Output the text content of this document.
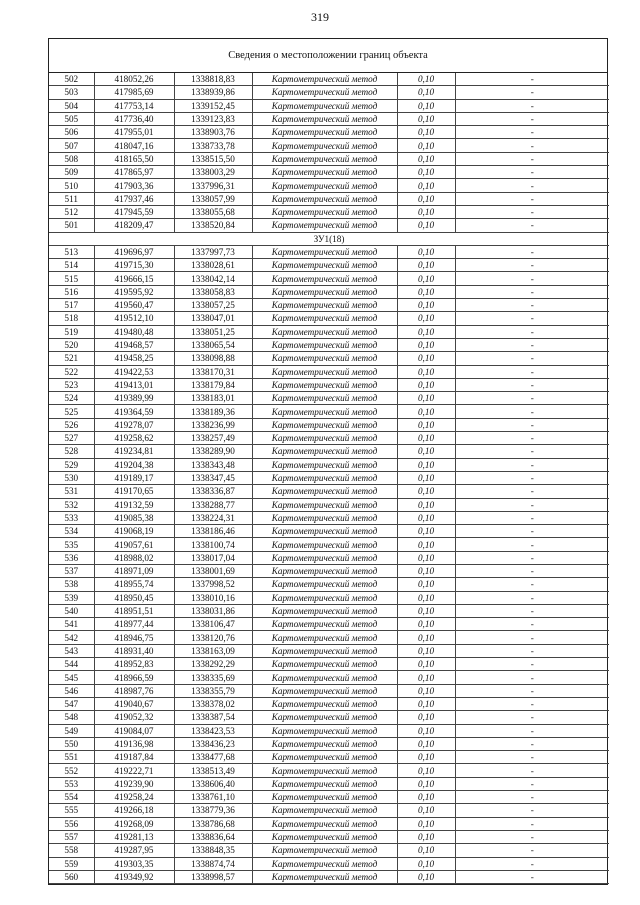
319
Сведения о местоположении границ объекта
502	418052,26	1338818,83	Картометрический метод	0,10	-
503	417985,69	1338939,86	Картометрический метод	0,10	-
504	417753,14	1339152,45	Картометрический метод	0,10	-
505	417736,40	1339123,83	Картометрический метод	0,10	-
506	417955,01	1338903,76	Картометрический метод	0,10	-
507	418047,16	1338733,78	Картометрический метод	0,10	-
508	418165,50	1338515,50	Картометрический метод	0,10	-
509	417865,97	1338003,29	Картометрический метод	0,10	-
510	417903,36	1337996,31	Картометрический метод	0,10	-
511	417937,46	1338057,99	Картометрический метод	0,10	-
512	417945,59	1338055,68	Картометрический метод	0,10	-
501	418209,47	1338520,84	Картометрический метод	0,10	-
ЗУ1(18)					
513	419696,97	1337997,73	Картометрический метод	0,10	-
514	419715,30	1338028,61	Картометрический метод	0,10	-
515	419666,15	1338042,14	Картометрический метод	0,10	-
516	419595,92	1338058,83	Картометрический метод	0,10	-
517	419560,47	1338057,25	Картометрический метод	0,10	-
518	419512,10	1338047,01	Картометрический метод	0,10	-
519	419480,48	1338051,25	Картометрический метод	0,10	-
520	419468,57	1338065,54	Картометрический метод	0,10	-
521	419458,25	1338098,88	Картометрический метод	0,10	-
522	419422,53	1338170,31	Картометрический метод	0,10	-
523	419413,01	1338179,84	Картометрический метод	0,10	-
524	419389,99	1338183,01	Картометрический метод	0,10	-
525	419364,59	1338189,36	Картометрический метод	0,10	-
526	419278,07	1338236,99	Картометрический метод	0,10	-
527	419258,62	1338257,49	Картометрический метод	0,10	-
528	419234,81	1338289,90	Картометрический метод	0,10	-
529	419204,38	1338343,48	Картометрический метод	0,10	-
530	419189,17	1338347,45	Картометрический метод	0,10	-
531	419170,65	1338336,87	Картометрический метод	0,10	-
532	419132,59	1338288,77	Картометрический метод	0,10	-
533	419085,38	1338224,31	Картометрический метод	0,10	-
534	419068,19	1338186,46	Картометрический метод	0,10	-
535	419057,61	1338100,74	Картометрический метод	0,10	-
536	418988,02	1338017,04	Картометрический метод	0,10	-
537	418971,09	1338001,69	Картометрический метод	0,10	-
538	418955,74	1337998,52	Картометрический метод	0,10	-
539	418950,45	1338010,16	Картометрический метод	0,10	-
540	418951,51	1338031,86	Картометрический метод	0,10	-
541	418977,44	1338106,47	Картометрический метод	0,10	-
542	418946,75	1338120,76	Картометрический метод	0,10	-
543	418931,40	1338163,09	Картометрический метод	0,10	-
544	418952,83	1338292,29	Картометрический метод	0,10	-
545	418966,59	1338335,69	Картометрический метод	0,10	-
546	418987,76	1338355,79	Картометрический метод	0,10	-
547	419040,67	1338378,02	Картометрический метод	0,10	-
548	419052,32	1338387,54	Картометрический метод	0,10	-
549	419084,07	1338423,53	Картометрический метод	0,10	-
550	419136,98	1338436,23	Картометрический метод	0,10	-
551	419187,84	1338477,68	Картометрический метод	0,10	-
552	419222,71	1338513,49	Картометрический метод	0,10	-
553	419239,90	1338606,40	Картометрический метод	0,10	-
554	419258,24	1338761,10	Картометрический метод	0,10	-
555	419266,18	1338779,36	Картометрический метод	0,10	-
556	419268,09	1338786,68	Картометрический метод	0,10	-
557	419281,13	1338836,64	Картометрический метод	0,10	-
558	419287,95	1338848,35	Картометрический метод	0,10	-
559	419303,35	1338874,74	Картометрический метод	0,10	-
560	419349,92	1338998,57	Картометрический метод	0,10	-
